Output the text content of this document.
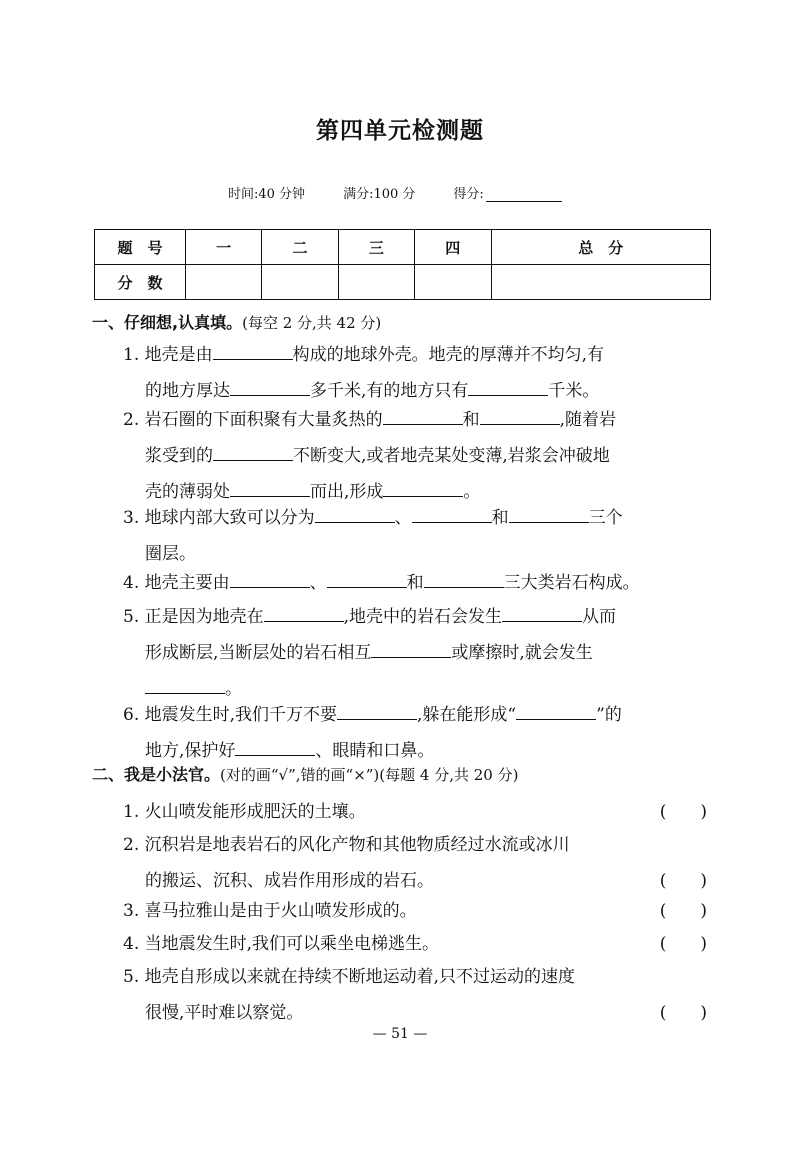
第四单元检测题
时间:40 分钟	满分:100 分	得分:
题　号	一	二	三	四	总　分
分　数					
一、仔细想,认真填。(每空 2 分,共 42 分)
1. 地壳是由	构成的地球外壳。地壳的厚薄并不均匀,有
的地方厚达	多千米,有的地方只有	千米。
2. 岩石圈的下面积聚有大量炙热的	和	,随着岩
浆受到的	不断变大,或者地壳某处变薄,岩浆会冲破地
壳的薄弱处	而出,形成	。
3. 地球内部大致可以分为	、	和	三个
圈层。
4. 地壳主要由	、	和	三大类岩石构成。
5. 正是因为地壳在	,地壳中的岩石会发生	从而
形成断层,当断层处的岩石相互	或摩擦时,就会发生
。
6. 地震发生时,我们千万不要	,躲在能形成“	”的
地方,保护好	、眼睛和口鼻。
二、我是小法官。(对的画“√”,错的画“×”)(每题 4 分,共 20 分)
1. 火山喷发能形成肥沃的土壤。	(　　)
2. 沉积岩是地表岩石的风化产物和其他物质经过水流或冰川
的搬运、沉积、成岩作用形成的岩石。	(　　)
3. 喜马拉雅山是由于火山喷发形成的。	(　　)
4. 当地震发生时,我们可以乘坐电梯逃生。	(　　)
5. 地壳自形成以来就在持续不断地运动着,只不过运动的速度
很慢,平时难以察觉。	(　　)
— 51 —
